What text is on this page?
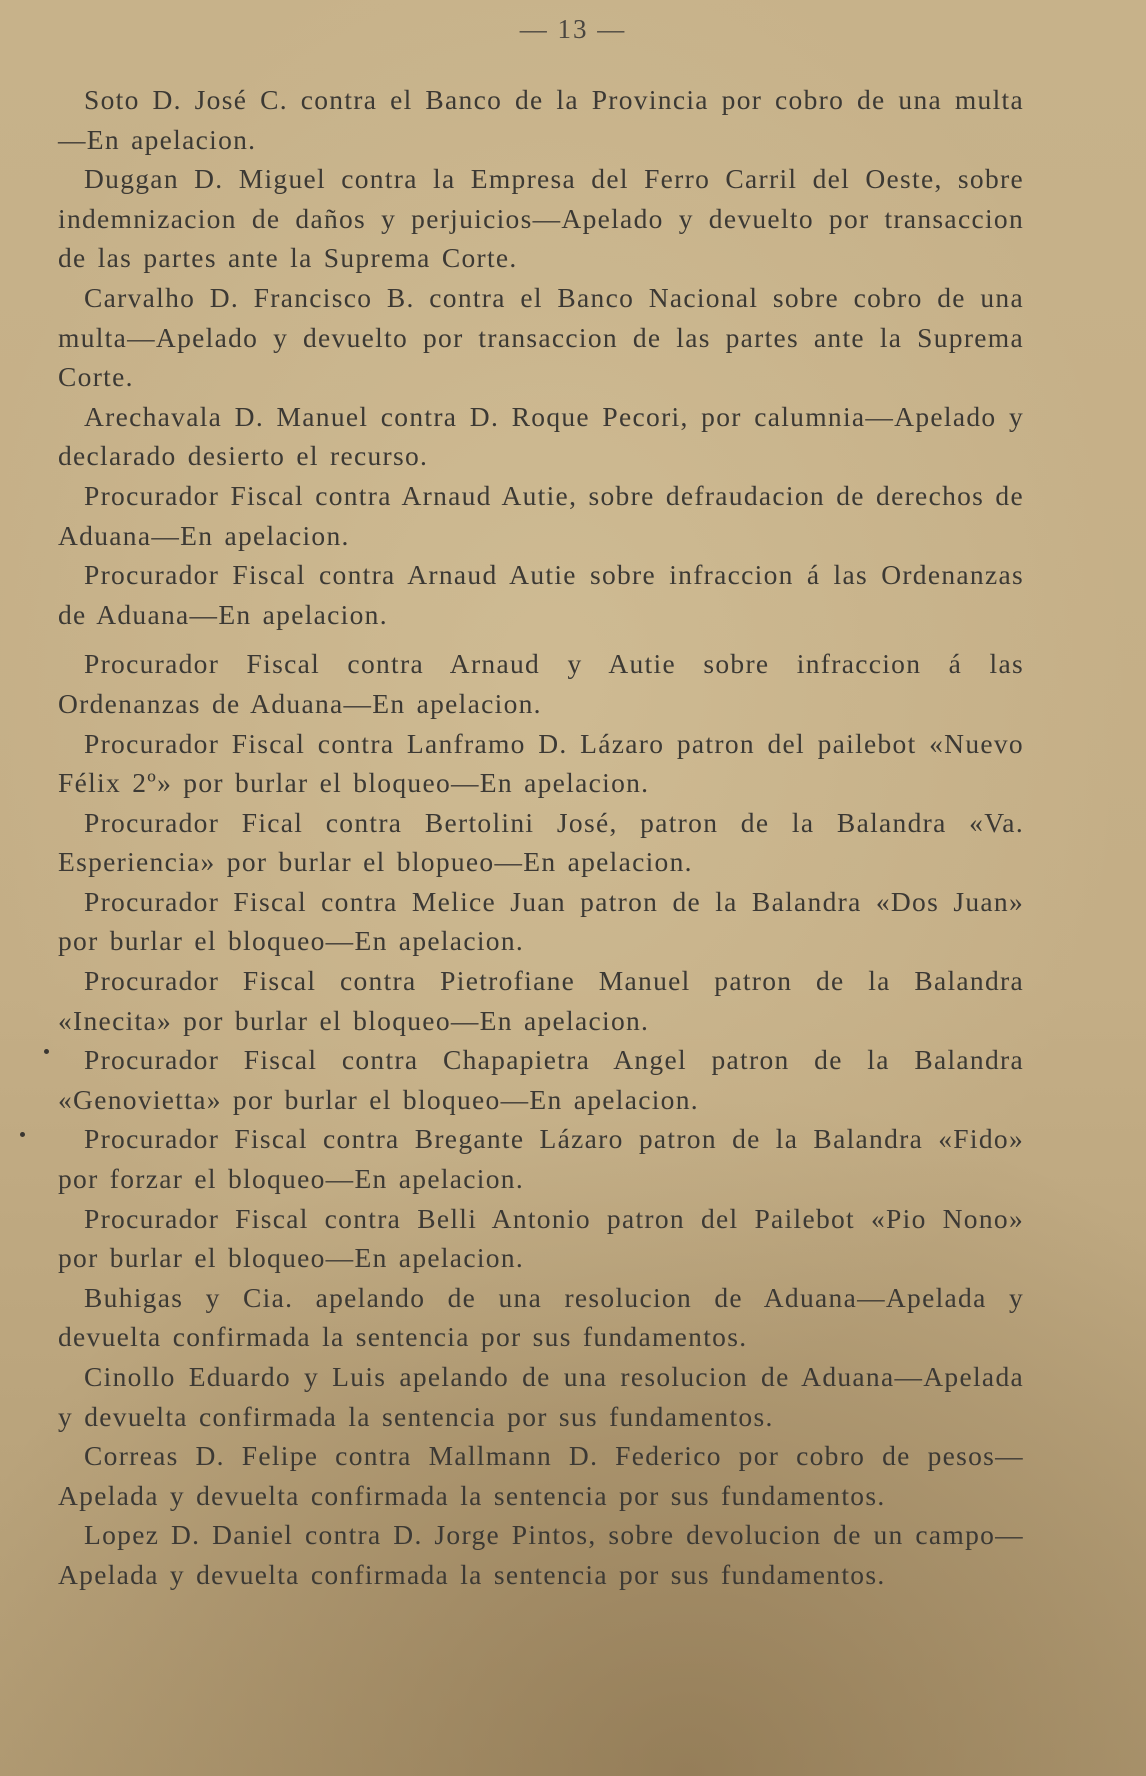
— 13 —

Soto D. José C. contra el Banco de la Provincia por cobro de una multa—En apelacion.

Duggan D. Miguel contra la Empresa del Ferro Carril del Oeste, sobre indemnizacion de daños y perjuicios—Apelado y devuelto por transaccion de las partes ante la Suprema Corte.

Carvalho D. Francisco B. contra el Banco Nacional sobre cobro de una multa—Apelado y devuelto por transaccion de las partes ante la Suprema Corte.

Arechavala D. Manuel contra D. Roque Pecori, por calumnia—Apelado y declarado desierto el recurso.

Procurador Fiscal contra Arnaud Autie, sobre defraudacion de derechos de Aduana—En apelacion.

Procurador Fiscal contra Arnaud Autie sobre infraccion á las Ordenanzas de Aduana—En apelacion.

Procurador Fiscal contra Arnaud y Autie sobre infraccion á las Ordenanzas de Aduana—En apelacion.

Procurador Fiscal contra Lanframo D. Lázaro patron del pailebot «Nuevo Félix 2º» por burlar el bloqueo—En apelacion.

Procurador Fical contra Bertolini José, patron de la Balandra «Va. Esperiencia» por burlar el blopueo—En apelacion.

Procurador Fiscal contra Melice Juan patron de la Balandra «Dos Juan» por burlar el bloqueo—En apelacion.

Procurador Fiscal contra Pietrofiane Manuel patron de la Balandra «Inecita» por burlar el bloqueo—En apelacion.

Procurador Fiscal contra Chapapietra Angel patron de la Balandra «Genovietta» por burlar el bloqueo—En apelacion.

Procurador Fiscal contra Bregante Lázaro patron de la Balandra «Fido» por forzar el bloqueo—En apelacion.

Procurador Fiscal contra Belli Antonio patron del Pailebot «Pio Nono» por burlar el bloqueo—En apelacion.

Buhigas y Cia. apelando de una resolucion de Aduana—Apelada y devuelta confirmada la sentencia por sus fundamentos.

Cinollo Eduardo y Luis apelando de una resolucion de Aduana—Apelada y devuelta confirmada la sentencia por sus fundamentos.

Correas D. Felipe contra Mallmann D. Federico por cobro de pesos—Apelada y devuelta confirmada la sentencia por sus fundamentos.

Lopez D. Daniel contra D. Jorge Pintos, sobre devolucion de un campo—Apelada y devuelta confirmada la sentencia por sus fundamentos.
